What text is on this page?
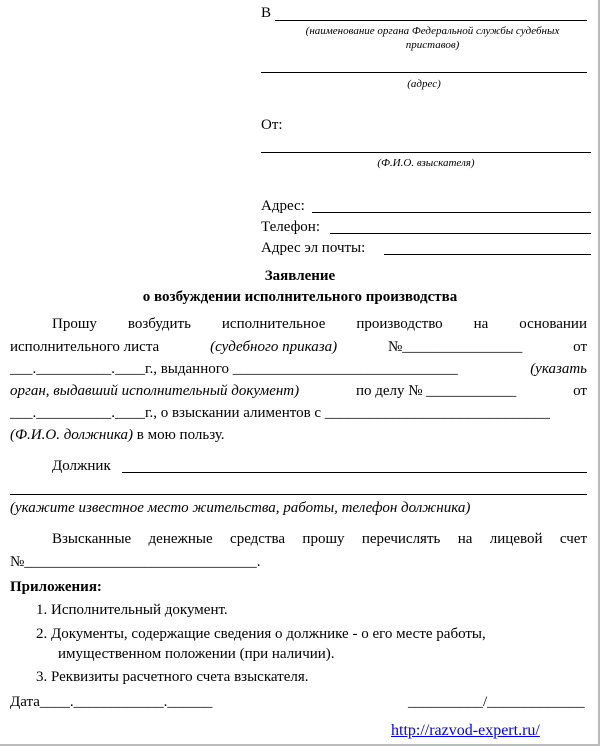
В
(наименование органа Федеральной службы судебных приставов)
(адрес)
От:
(Ф.И.О. взыскателя)
Адрес:
Телефон:
Адрес эл почты:
Заявление
о возбуждении исполнительного производства
Прошу возбудить исполнительное производство на основании
исполнительного листа	(судебного приказа)	№________________	от
___.__________.____г., выданного ______________________________	(указать
орган, выдавший исполнительный документ)	по делу № ____________	от
___.__________.____г., о взыскании алиментов с ______________________________
(Ф.И.О. должника) в мою пользу.
Должник
(укажите известное место жительства, работы, телефон должника)
Взысканные денежные средства прошу перечислять на лицевой счет
№_______________________________.
Приложения:
1. Исполнительный документ.
2. Документы, содержащие сведения о должнике - о его месте работы,
имущественном положении (при наличии).
3. Реквизиты расчетного счета взыскателя.
Дата____.____________.______	__________/_____________
http://razvod-expert.ru/
